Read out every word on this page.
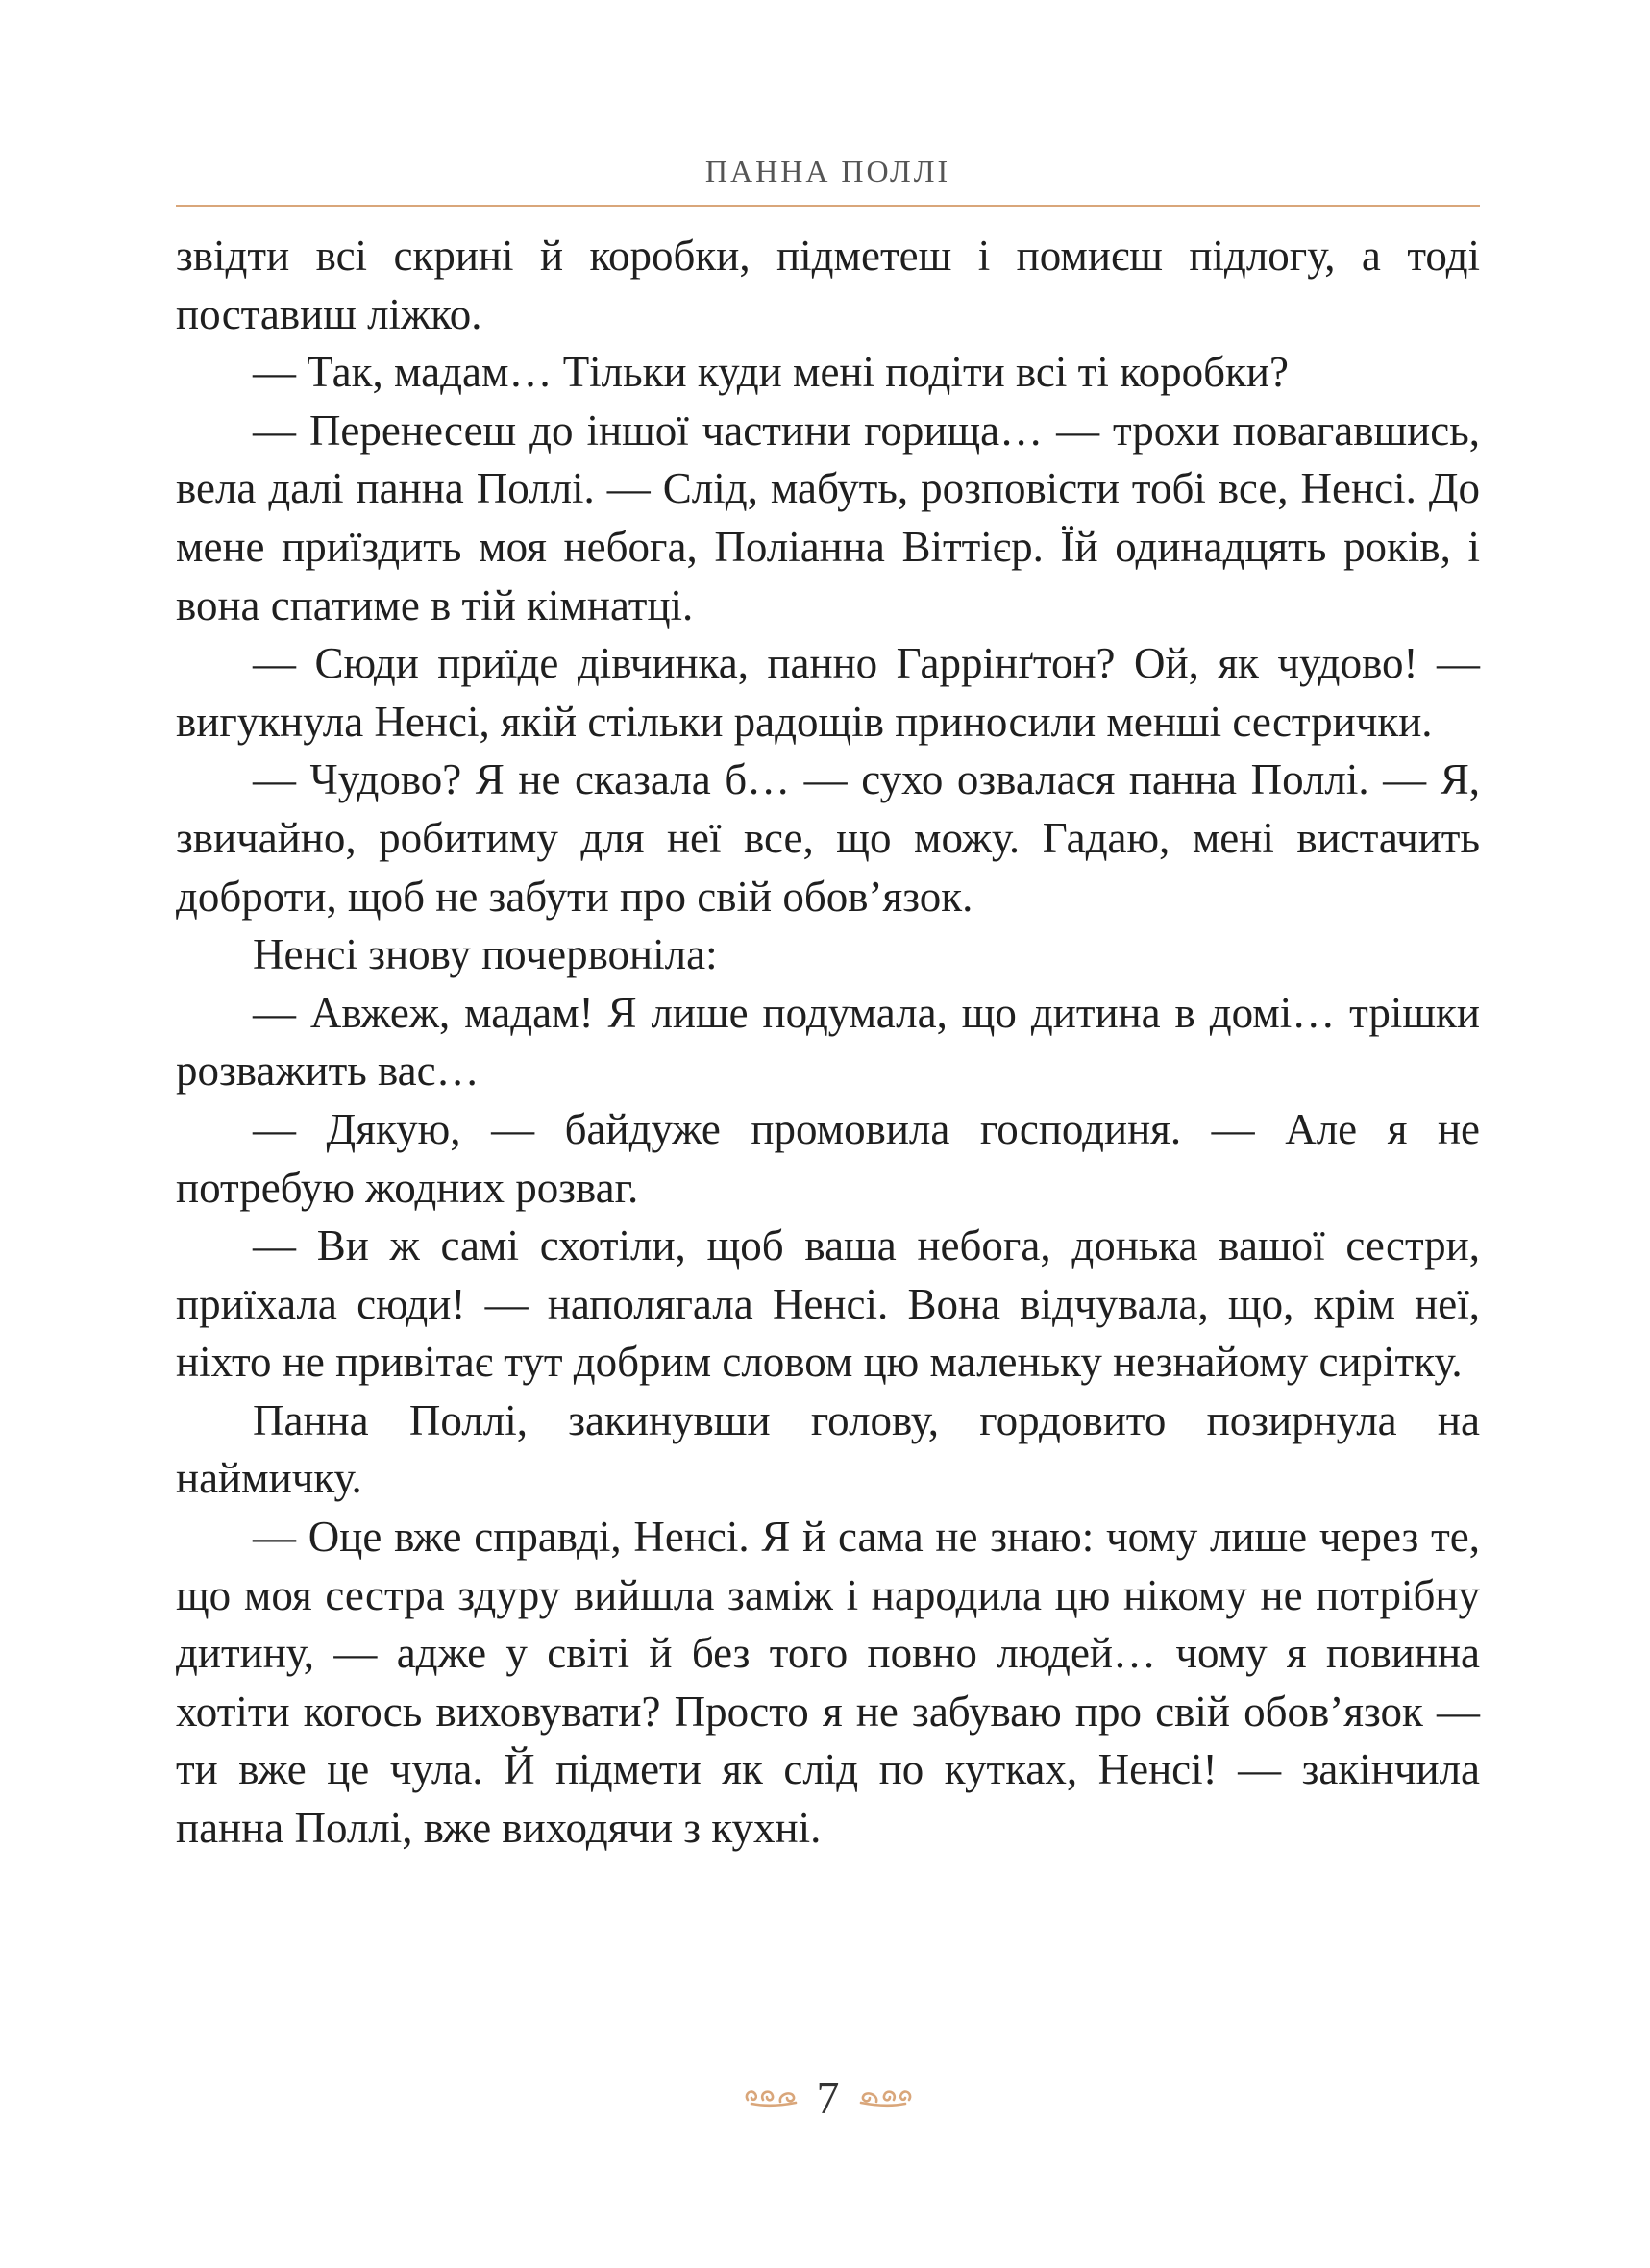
ПАННА ПОЛЛІ

звідти всі скрині й коробки, підметеш і помиєш підлогу, а тоді поставиш ліжко.

— Так, мадам… Тільки куди мені подіти всі ті коробки?

— Перенесеш до іншої частини горища… — трохи повагавшись, вела далі панна Поллі. — Слід, мабуть, розповісти тобі все, Ненсі. До мене приїздить моя небога, Поліанна Віттієр. Їй одинадцять років, і вона спатиме в тій кімнатці.

— Сюди приїде дівчинка, панно Гаррінґтон? Ой, як чудово! — вигукнула Ненсі, якій стільки радощів приносили менші сестрички.

— Чудово? Я не сказала б… — сухо озвалася панна Поллі. — Я, звичайно, робитиму для неї все, що можу. Гадаю, мені вистачить доброти, щоб не забути про свій обов’язок.

Ненсі знову почервоніла:

— Авжеж, мадам! Я лише подумала, що дитина в домі… трішки розважить вас…

— Дякую, — байдуже промовила господиня. — Але я не потребую жодних розваг.

— Ви ж самі схотіли, щоб ваша небога, донька вашої сестри, приїхала сюди! — наполягала Ненсі. Вона відчувала, що, крім неї, ніхто не привітає тут добрим словом цю маленьку незнайому сирітку.

Панна Поллі, закинувши голову, гордовито позирнула на наймичку.

— Оце вже справді, Ненсі. Я й сама не знаю: чому лише через те, що моя сестра здуру вийшла заміж і народила цю нікому не потрібну дитину, — адже у світі й без того повно людей… чому я повинна хотіти когось виховувати? Просто я не забуваю про свій обов’язок — ти вже це чула. Й підмети як слід по кутках, Ненсі! — закінчила панна Поллі, вже виходячи з кухні.

7
